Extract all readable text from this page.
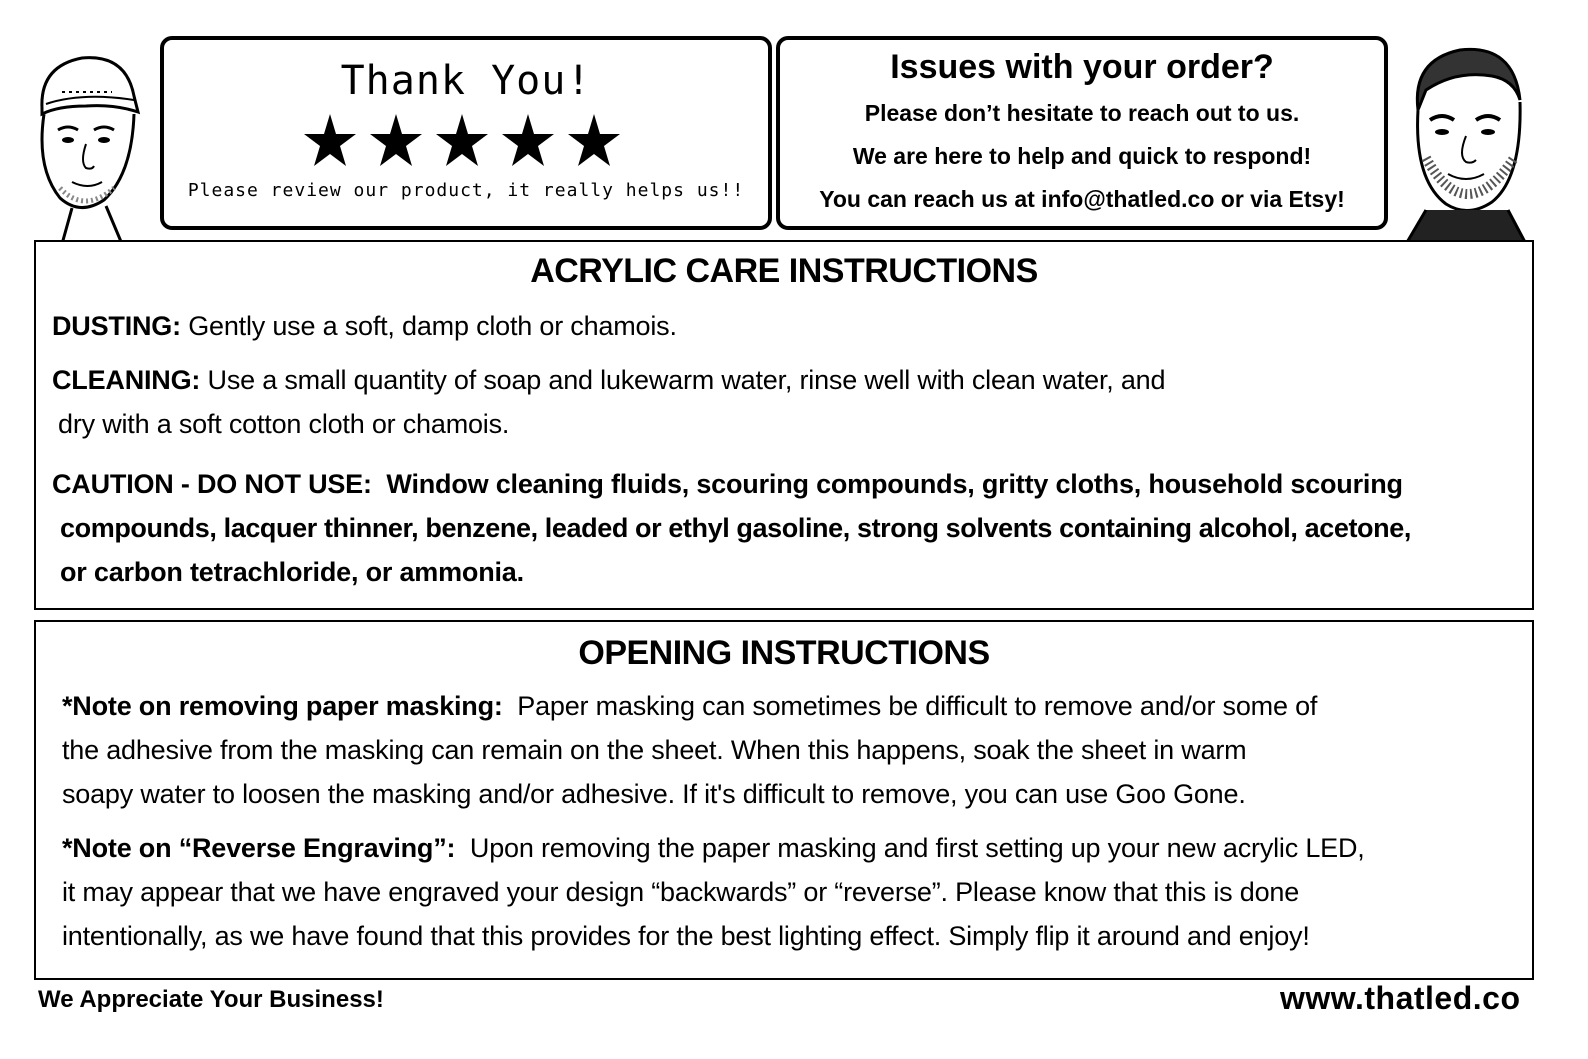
Thank You!
Please review our product, it really helps us!!
Issues with your order?
Please don’t hesitate to reach out to us.
We are here to help and quick to respond!
You can reach us at info@thatled.co or via Etsy!
ACRYLIC CARE INSTRUCTIONS
DUSTING: Gently use a soft, damp cloth or chamois.
CLEANING: Use a small quantity of soap and lukewarm water, rinse well with clean water, and
dry with a soft cotton cloth or chamois.
CAUTION - DO NOT USE: Window cleaning fluids, scouring compounds, gritty cloths, household scouring
compounds, lacquer thinner, benzene, leaded or ethyl gasoline, strong solvents containing alcohol, acetone,
or carbon tetrachloride, or ammonia.
OPENING INSTRUCTIONS
*Note on removing paper masking: Paper masking can sometimes be difficult to remove and/or some of
the adhesive from the masking can remain on the sheet. When this happens, soak the sheet in warm
soapy water to loosen the masking and/or adhesive. If it's difficult to remove, you can use Goo Gone.
*Note on “Reverse Engraving”: Upon removing the paper masking and first setting up your new acrylic LED,
it may appear that we have engraved your design “backwards” or “reverse”. Please know that this is done
intentionally, as we have found that this provides for the best lighting effect. Simply flip it around and enjoy!
We Appreciate Your Business!	www.thatled.co
